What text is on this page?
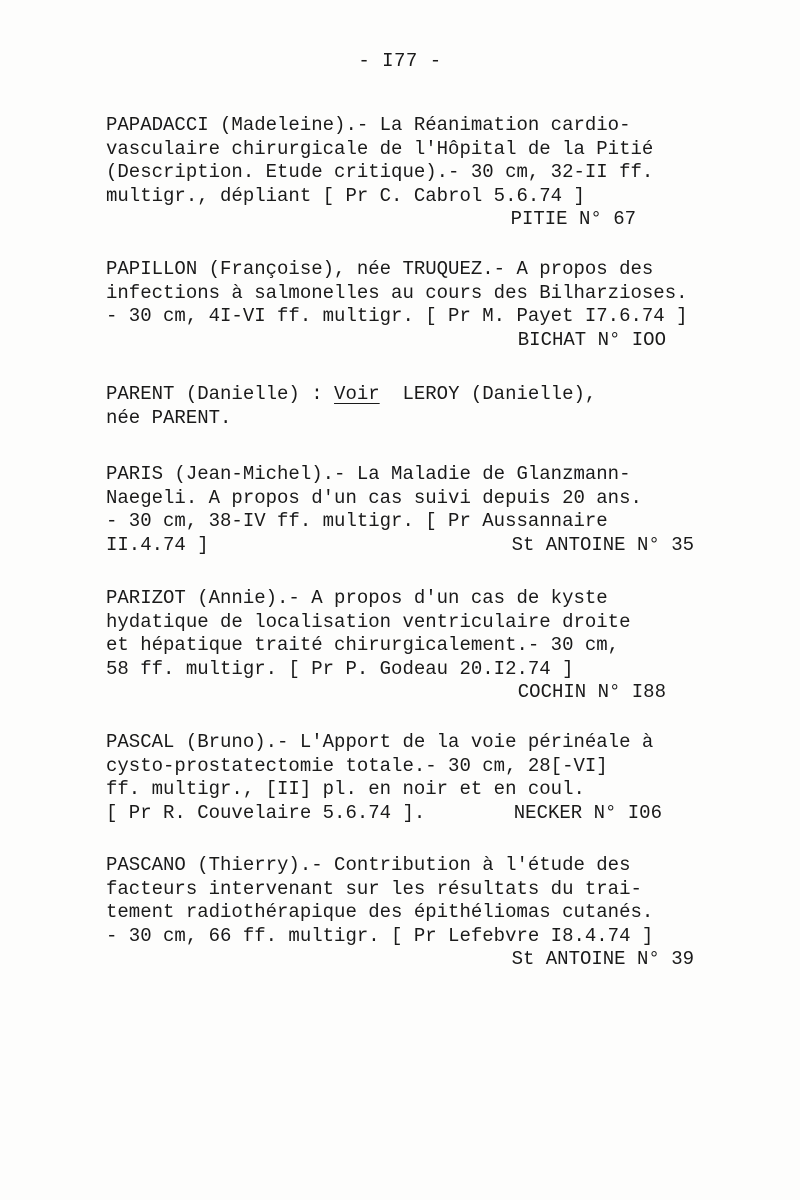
- I77 -
PAPADACCI (Madeleine).- La Réanimation cardio-
vasculaire chirurgicale de l'Hôpital de la Pitié
(Description. Etude critique).- 30 cm, 32-II ff.
multigr., dépliant [ Pr C. Cabrol 5.6.74 ]
PITIE N° 67
PAPILLON (Françoise), née TRUQUEZ.- A propos des
infections à salmonelles au cours des Bilharzioses.
- 30 cm, 4I-VI ff. multigr. [ Pr M. Payet I7.6.74 ]
BICHAT N° IOO
PARENT (Danielle) : Voir  LEROY (Danielle),
née PARENT.
PARIS (Jean-Michel).- La Maladie de Glanzmann-
Naegeli. A propos d'un cas suivi depuis 20 ans.
- 30 cm, 38-IV ff. multigr. [ Pr Aussannaire
II.4.74 ]	St ANTOINE N° 35
PARIZOT (Annie).- A propos d'un cas de kyste
hydatique de localisation ventriculaire droite
et hépatique traité chirurgicalement.- 30 cm,
58 ff. multigr. [ Pr P. Godeau 20.I2.74 ]
COCHIN N° I88
PASCAL (Bruno).- L'Apport de la voie périnéale à
cysto-prostatectomie totale.- 30 cm, 28[-VI]
ff. multigr., [II] pl. en noir et en coul.
[ Pr R. Couvelaire 5.6.74 ].	NECKER N° I06
PASCANO (Thierry).- Contribution à l'étude des
facteurs intervenant sur les résultats du trai-
tement radiothérapique des épithéliomas cutanés.
- 30 cm, 66 ff. multigr. [ Pr Lefebvre I8.4.74 ]
St ANTOINE N° 39
